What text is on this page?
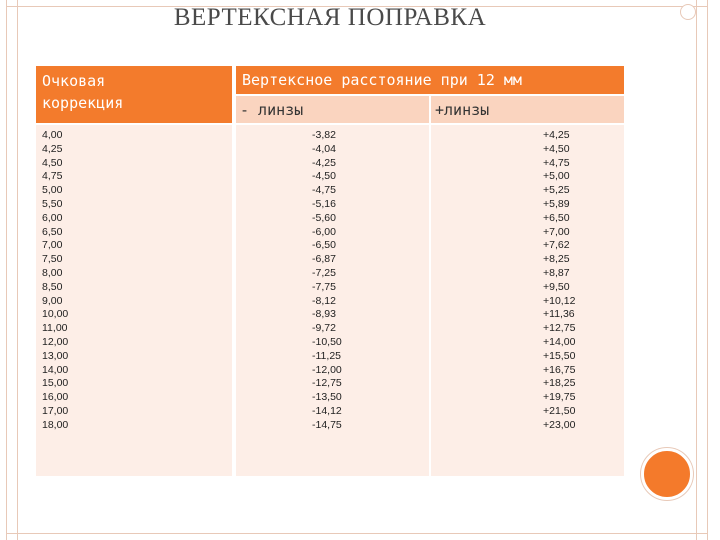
ВЕРТЕКСНАЯ ПОПРАВКА
Вертексное расстояние при 12 мм
Очковая
коррекция
4,00
4,25
4,50
4,75
5,00
5,50
6,00
6,50
7,00
7,50
8,00
8,50
9,00
10,00
11,00
12,00
13,00
14,00
15,00
16,00
17,00
18,00
- линзы
-3,82
-4,04
-4,25
-4,50
-4,75
-5,16
-5,60
-6,00
-6,50
-6,87
-7,25
-7,75
-8,12
-8,93
-9,72
-10,50
-11,25
-12,00
-12,75
-13,50
-14,12
-14,75
+линзы
+4,25
+4,50
+4,75
+5,00
+5,25
+5,89
+6,50
+7,00
+7,62
+8,25
+8,87
+9,50
+10,12
+11,36
+12,75
+14,00
+15,50
+16,75
+18,25
+19,75
+21,50
+23,00
